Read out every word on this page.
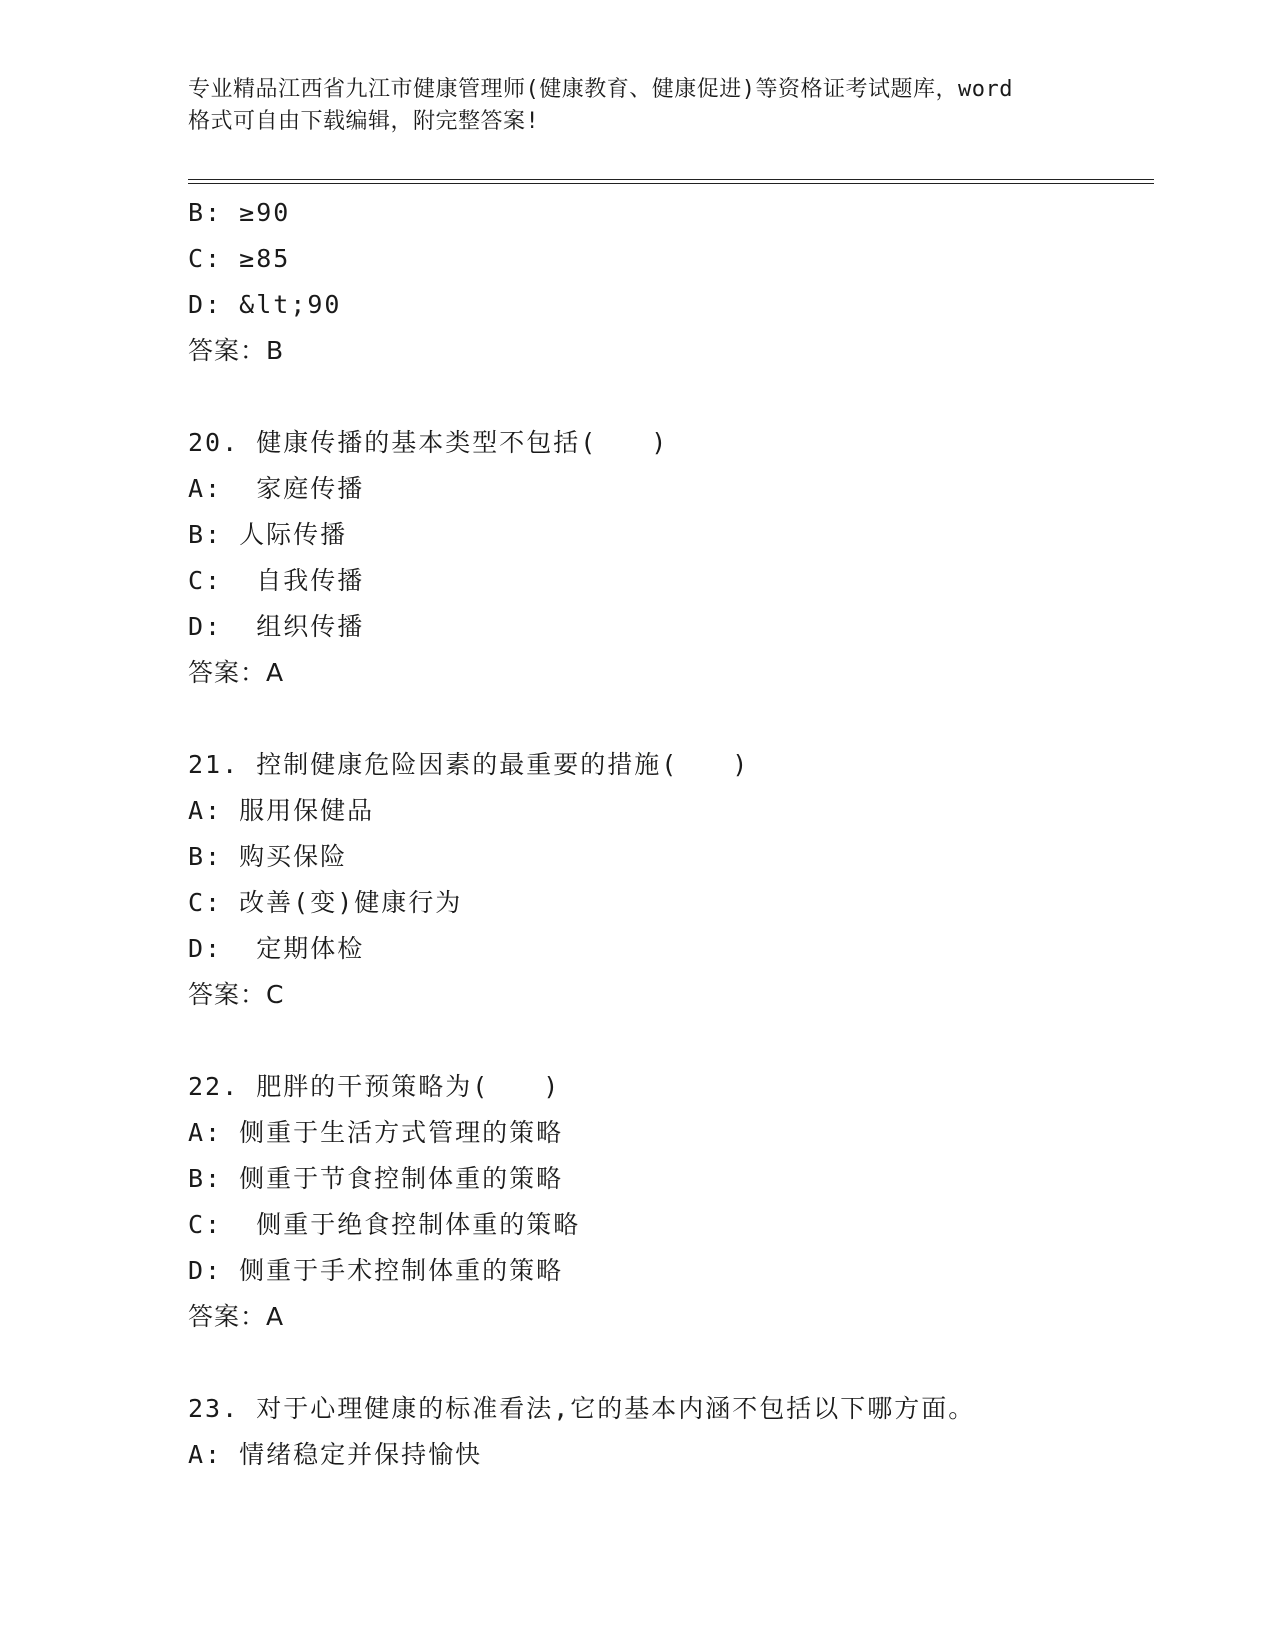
专业精品江西省九江市健康管理师(健康教育、健康促进)等资格证考试题库，word
格式可自由下载编辑，附完整答案!
B: ≥90
C: ≥85
D: &lt;90
答案：B
20. 健康传播的基本类型不包括(　　)
A:  家庭传播
B: 人际传播
C:  自我传播
D:  组织传播
答案：A
21. 控制健康危险因素的最重要的措施(　　)
A: 服用保健品
B: 购买保险
C: 改善(变)健康行为
D:  定期体检
答案：C
22. 肥胖的干预策略为(　　)
A: 侧重于生活方式管理的策略
B: 侧重于节食控制体重的策略
C:  侧重于绝食控制体重的策略
D: 侧重于手术控制体重的策略
答案：A
23. 对于心理健康的标准看法,它的基本内涵不包括以下哪方面。
A: 情绪稳定并保持愉快
